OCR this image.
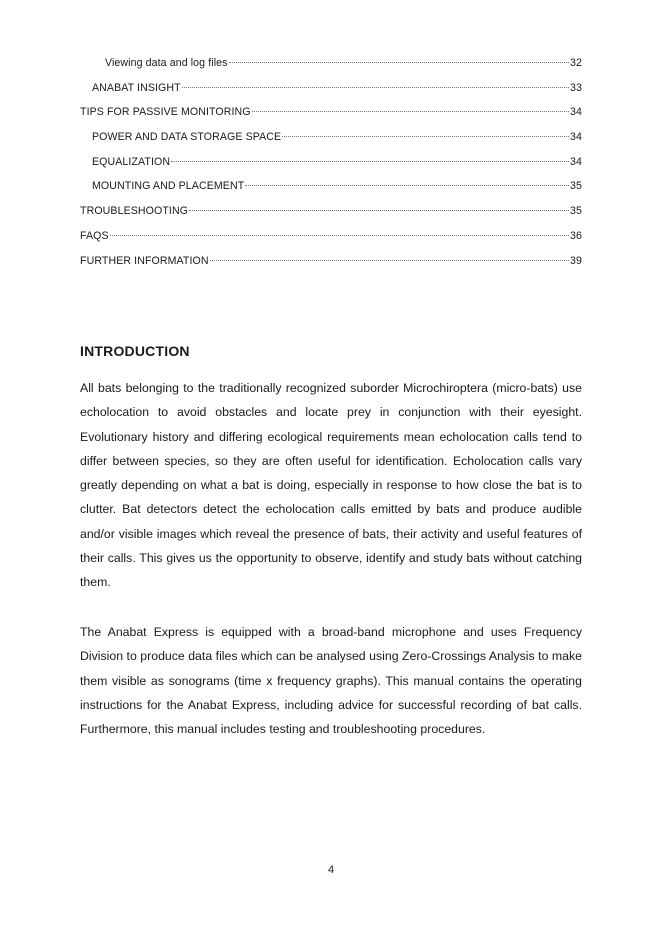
Viewing data and log files	32
ANABAT INSIGHT	33
TIPS FOR PASSIVE MONITORING	34
POWER AND DATA STORAGE SPACE	34
EQUALIZATION	34
MOUNTING AND PLACEMENT	35
TROUBLESHOOTING	35
FAQS	36
FURTHER INFORMATION	39
INTRODUCTION

All bats belonging to the traditionally recognized suborder Microchiroptera (micro-bats) use echolocation to avoid obstacles and locate prey in conjunction with their eyesight. Evolutionary history and differing ecological requirements mean echolocation calls tend to differ between species, so they are often useful for identification. Echolocation calls vary greatly depending on what a bat is doing, especially in response to how close the bat is to clutter. Bat detectors detect the echolocation calls emitted by bats and produce audible and/or visible images which reveal the presence of bats, their activity and useful features of their calls. This gives us the opportunity to observe, identify and study bats without catching them.

The Anabat Express is equipped with a broad-band microphone and uses Frequency Division to produce data files which can be analysed using Zero-Crossings Analysis to make them visible as sonograms (time x frequency graphs). This manual contains the operating instructions for the Anabat Express, including advice for successful recording of bat calls. Furthermore, this manual includes testing and troubleshooting procedures.

4
